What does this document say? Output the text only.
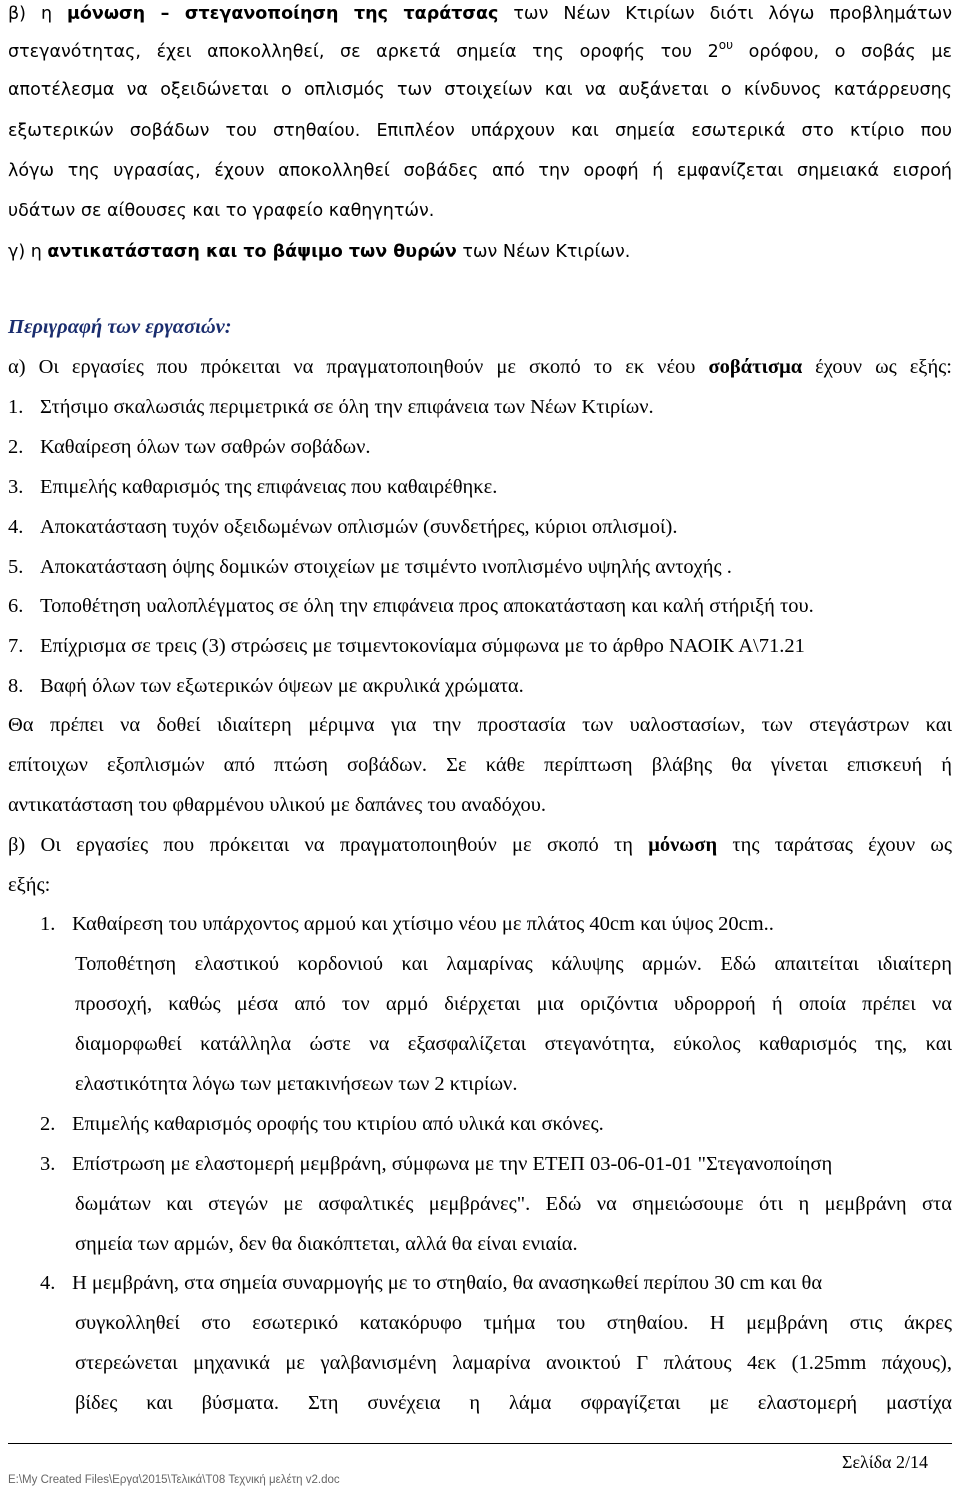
β) η μόνωση – στεγανοποίηση της ταράτσας των Νέων Κτιρίων διότι λόγω προβλημάτων
στεγανότητας, έχει αποκολληθεί, σε αρκετά σημεία της οροφής του $2^{o\upsilon}$ ορόφου, ο σοβάς με
αποτέλεσμα να οξειδώνεται ο οπλισμός των στοιχείων και να αυξάνεται ο κίνδυνος κατάρρευσης
εξωτερικών σοβάδων του στηθαίου. Επιπλέον υπάρχουν και σημεία εσωτερικά στο κτίριο που
λόγω της υγρασίας, έχουν αποκολληθεί σοβάδες από την οροφή ή εμφανίζεται σημειακά εισροή
υδάτων σε αίθουσες και το γραφείο καθηγητών.
γ) η αντικατάσταση και το βάψιμο των θυρών των Νέων Κτιρίων.
Περιγραφή των εργασιών:
α) Οι εργασίες που πρόκειται να πραγματοποιηθούν με σκοπό το εκ νέου σοβάτισμα έχουν ως εξής:
1. Στήσιμο σκαλωσιάς περιμετρικά σε όλη την επιφάνεια των Νέων Κτιρίων.
2. Καθαίρεση όλων των σαθρών σοβάδων.
3. Επιμελής καθαρισμός της επιφάνειας που καθαιρέθηκε.
4. Αποκατάσταση τυχόν οξειδωμένων οπλισμών (συνδετήρες, κύριοι οπλισμοί).
5. Αποκατάσταση όψης δομικών στοιχείων με τσιμέντο ινοπλισμένο υψηλής αντοχής .
6. Τοποθέτηση υαλοπλέγματος σε όλη την επιφάνεια προς αποκατάσταση και καλή στήριξή του.
7. Επίχρισμα σε τρεις (3) στρώσεις με τσιμεντοκονίαμα σύμφωνα με το άρθρο ΝΑΟΙΚ Α\71.21
8. Βαφή όλων των εξωτερικών όψεων με ακρυλικά χρώματα.
Θα πρέπει να δοθεί ιδιαίτερη μέριμνα για την προστασία των υαλοστασίων, των στεγάστρων και
επίτοιχων εξοπλισμών από πτώση σοβάδων. Σε κάθε περίπτωση βλάβης θα γίνεται επισκευή ή
αντικατάσταση του φθαρμένου υλικού με δαπάνες του αναδόχου.
β) Οι εργασίες που πρόκειται να πραγματοποιηθούν με σκοπό τη μόνωση της ταράτσας έχουν ως
εξής:
1. Καθαίρεση του υπάρχοντος αρμού και χτίσιμο νέου με πλάτος 40cm και ύψος 20cm..
Τοποθέτηση ελαστικού κορδονιού και λαμαρίνας κάλυψης αρμών. Εδώ απαιτείται ιδιαίτερη
προσοχή, καθώς μέσα από τον αρμό διέρχεται μια οριζόντια υδρορροή ή οποία πρέπει να
διαμορφωθεί κατάλληλα ώστε να εξασφαλίζεται στεγανότητα, εύκολος καθαρισμός της, και
ελαστικότητα λόγω των μετακινήσεων των 2 κτιρίων.
2. Επιμελής καθαρισμός οροφής του κτιρίου από υλικά και σκόνες.
3. Επίστρωση με ελαστομερή μεμβράνη, σύμφωνα με την ΕΤΕΠ 03-06-01-01 "Στεγανοποίηση
δωμάτων και στεγών με ασφαλτικές μεμβράνες". Εδώ να σημειώσουμε ότι η μεμβράνη στα
σημεία των αρμών, δεν θα διακόπτεται, αλλά θα είναι ενιαία.
4. Η μεμβράνη, στα σημεία συναρμογής με το στηθαίο, θα ανασηκωθεί περίπου 30 cm και θα
συγκολληθεί στο εσωτερικό κατακόρυφο τμήμα του στηθαίου. Η μεμβράνη στις άκρες
στερεώνεται μηχανικά με γαλβανισμένη λαμαρίνα ανοικτού Γ πλάτους 4εκ (1.25mm πάχους),
βίδες και βύσματα. Στη συνέχεια η λάμα σφραγίζεται με ελαστομερή μαστίχα
Σελίδα 2/14
E:\My Created Files\Εργα\2015\Τελικά\T08 Τεχνική μελέτη v2.doc
